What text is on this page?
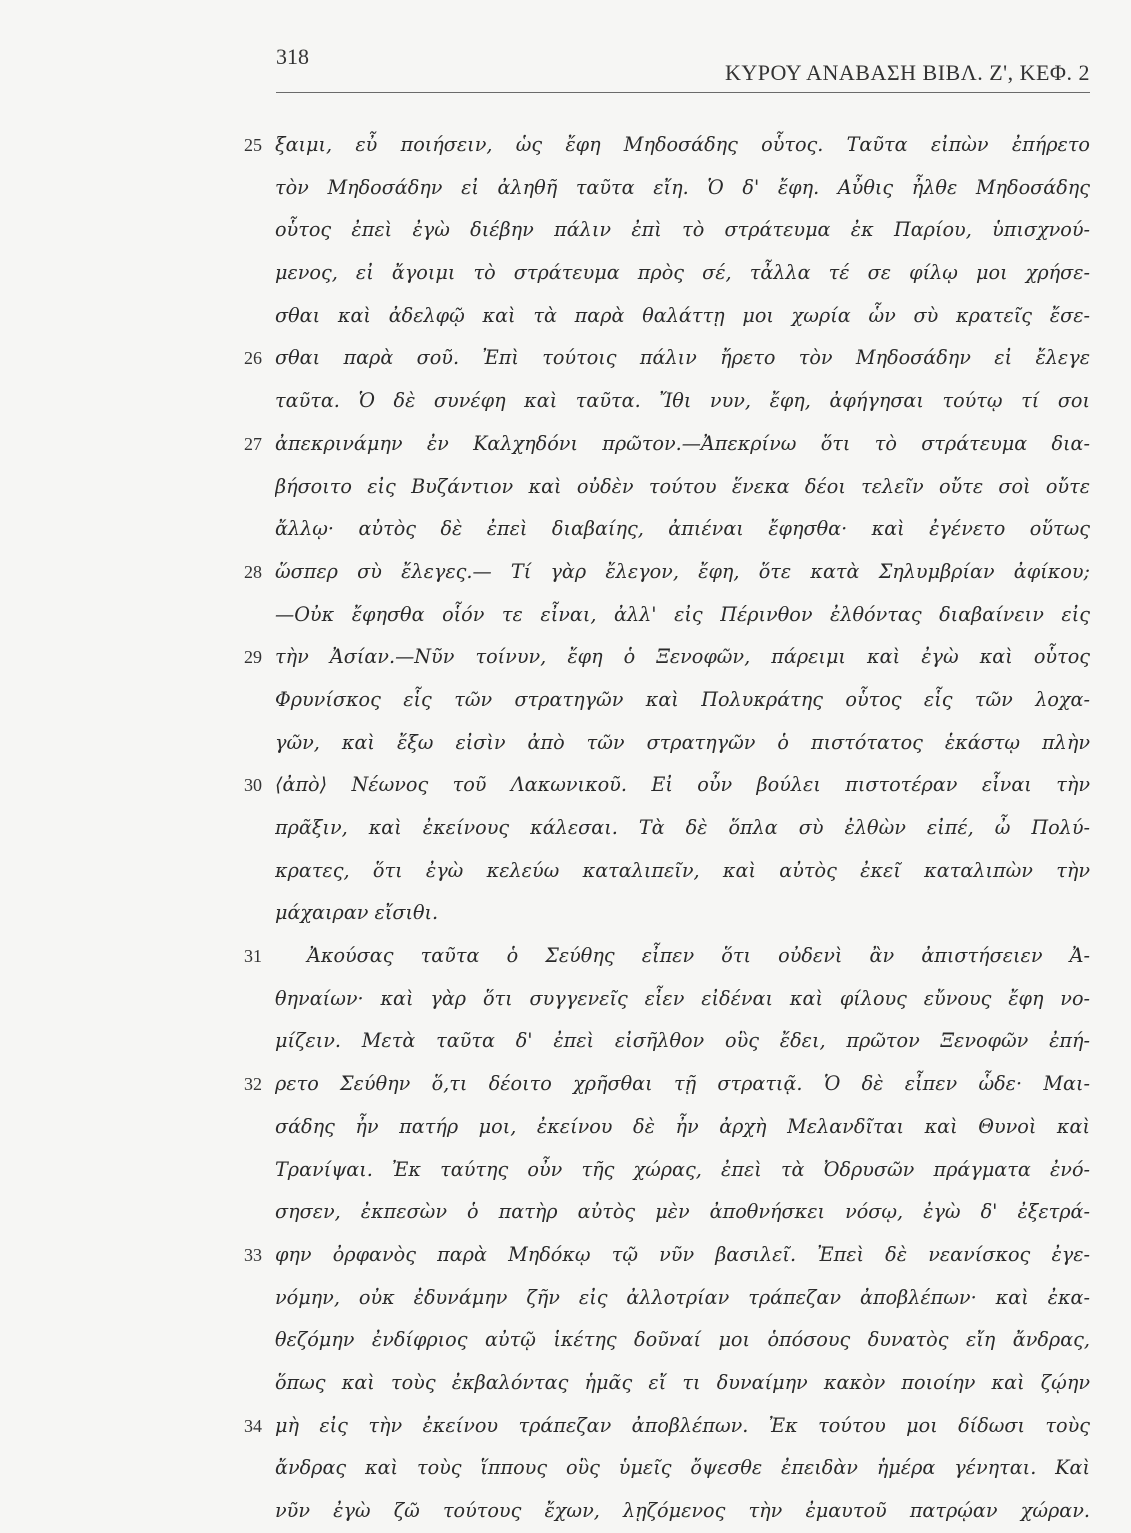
318
ΚΥΡΟΥ ΑΝΑΒΑΣΗ ΒΙΒΛ. Ζ', ΚΕΦ. 2
25 ξαιμι, εὖ ποιήσειν, ὡς ἔφη Μηδοσάδης οὗτος. Ταῦτα εἰπὼν ἐπήρετο
τὸν Μηδοσάδην εἰ ἀληθῆ ταῦτα εἴη. Ὁ δ' ἔφη. Αὖθις ἦλθε Μηδοσάδης
οὗτος ἐπεὶ ἐγὼ διέβην πάλιν ἐπὶ τὸ στράτευμα ἐκ Παρίου, ὑπισχνού-
μενος, εἰ ἄγοιμι τὸ στράτευμα πρὸς σέ, τἆλλα τέ σε φίλῳ μοι χρήσε-
σθαι καὶ ἀδελφῷ καὶ τὰ παρὰ θαλάττῃ μοι χωρία ὧν σὺ κρατεῖς ἔσε-
26 σθαι παρὰ σοῦ. Ἐπὶ τούτοις πάλιν ἤρετο τὸν Μηδοσάδην εἰ ἔλεγε
ταῦτα. Ὁ δὲ συνέφη καὶ ταῦτα. Ἴθι νυν, ἔφη, ἀφήγησαι τούτῳ τί σοι
27 ἀπεκρινάμην ἐν Καλχηδόνι πρῶτον.—Ἀπεκρίνω ὅτι τὸ στράτευμα δια-
βήσοιτο εἰς Βυζάντιον καὶ οὐδὲν τούτου ἕνεκα δέοι τελεῖν οὔτε σοὶ οὔτε
ἄλλῳ· αὐτὸς δὲ ἐπεὶ διαβαίης, ἀπιέναι ἔφησθα· καὶ ἐγένετο οὕτως
28 ὥσπερ σὺ ἔλεγες.— Τί γὰρ ἔλεγον, ἔφη, ὅτε κατὰ Σηλυμβρίαν ἀφίκου;
—Οὐκ ἔφησθα οἷόν τε εἶναι, ἀλλ' εἰς Πέρινθον ἐλθόντας διαβαίνειν εἰς
29 τὴν Ἀσίαν.—Νῦν τοίνυν, ἔφη ὁ Ξενοφῶν, πάρειμι καὶ ἐγὼ καὶ οὗτος
Φρυνίσκος εἷς τῶν στρατηγῶν καὶ Πολυκράτης οὗτος εἷς τῶν λοχα-
γῶν, καὶ ἔξω εἰσὶν ἀπὸ τῶν στρατηγῶν ὁ πιστότατος ἑκάστῳ πλὴν
30 ⟨ἀπὸ⟩ Νέωνος τοῦ Λακωνικοῦ. Εἰ οὖν βούλει πιστοτέραν εἶναι τὴν
πρᾶξιν, καὶ ἐκείνους κάλεσαι. Τὰ δὲ ὅπλα σὺ ἐλθὼν εἰπέ, ὦ Πολύ-
κρατες, ὅτι ἐγὼ κελεύω καταλιπεῖν, καὶ αὐτὸς ἐκεῖ καταλιπὼν τὴν
μάχαιραν εἴσιθι.
31	Ἀκούσας ταῦτα ὁ Σεύθης εἶπεν ὅτι οὐδενὶ ἂν ἀπιστήσειεν Ἀ-
θηναίων· καὶ γὰρ ὅτι συγγενεῖς εἶεν εἰδέναι καὶ φίλους εὔνους ἔφη νο-
μίζειν. Μετὰ ταῦτα δ' ἐπεὶ εἰσῆλθον οὓς ἔδει, πρῶτον Ξενοφῶν ἐπή-
32 ρετο Σεύθην ὅ,τι δέοιτο χρῆσθαι τῇ στρατιᾷ. Ὁ δὲ εἶπεν ὧδε· Μαι-
σάδης ἦν πατήρ μοι, ἐκείνου δὲ ἦν ἀρχὴ Μελανδῖται καὶ Θυνοὶ καὶ
Τρανίψαι. Ἐκ ταύτης οὖν τῆς χώρας, ἐπεὶ τὰ Ὀδρυσῶν πράγματα ἐνό-
σησεν, ἐκπεσὼν ὁ πατὴρ αὐτὸς μὲν ἀποθνήσκει νόσῳ, ἐγὼ δ' ἐξετρά-
33 φην ὀρφανὸς παρὰ Μηδόκῳ τῷ νῦν βασιλεῖ. Ἐπεὶ δὲ νεανίσκος ἐγε-
νόμην, οὐκ ἐδυνάμην ζῆν εἰς ἀλλοτρίαν τράπεζαν ἀποβλέπων· καὶ ἐκα-
θεζόμην ἐνδίφριος αὐτῷ ἱκέτης δοῦναί μοι ὁπόσους δυνατὸς εἴη ἄνδρας,
ὅπως καὶ τοὺς ἐκβαλόντας ἡμᾶς εἴ τι δυναίμην κακὸν ποιοίην καὶ ζῴην
34 μὴ εἰς τὴν ἐκείνου τράπεζαν ἀποβλέπων. Ἐκ τούτου μοι δίδωσι τοὺς
ἄνδρας καὶ τοὺς ἵππους οὓς ὑμεῖς ὄψεσθε ἐπειδὰν ἡμέρα γένηται. Καὶ
νῦν ἐγὼ ζῶ τούτους ἔχων, λῃζόμενος τὴν ἐμαυτοῦ πατρῴαν χώραν.
